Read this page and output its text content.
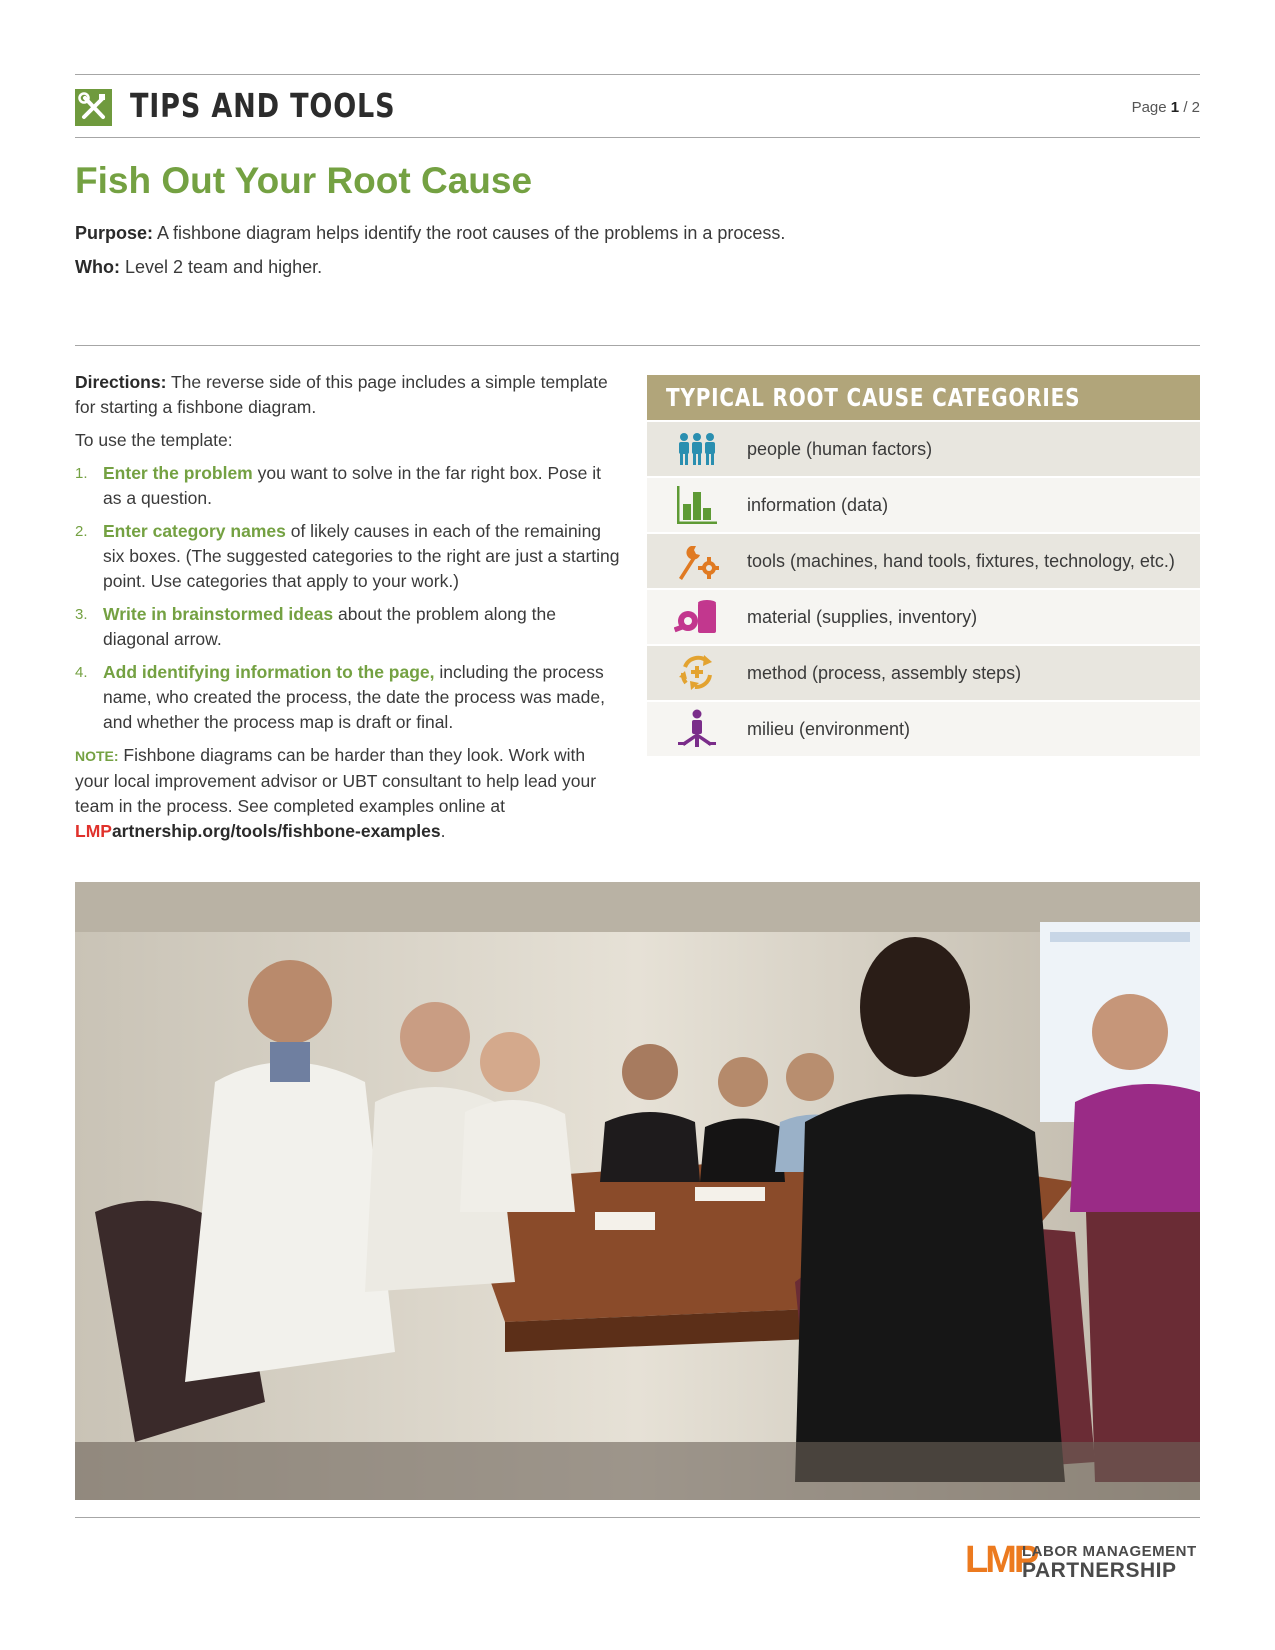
TIPS AND TOOLS	Page 1 / 2
Fish Out Your Root Cause
Purpose: A fishbone diagram helps identify the root causes of the problems in a process.
Who: Level 2 team and higher.

Directions: The reverse side of this page includes a simple template for starting a fishbone diagram.

To use the template:

1. Enter the problem you want to solve in the far right box. Pose it as a question.
2. Enter category names of likely causes in each of the remaining six boxes. (The suggested categories to the right are just a starting point. Use categories that apply to your work.)
3. Write in brainstormed ideas about the problem along the diagonal arrow.
4. Add identifying information to the page, including the process name, who created the process, the date the process was made, and whether the process map is draft or final.

NOTE: Fishbone diagrams can be harder than they look. Work with your local improvement advisor or UBT consultant to help lead your team in the process. See completed examples online at LMPartnership.org/tools/fishbone-examples.

TYPICAL ROOT CAUSE CATEGORIES
people (human factors)
information (data)
tools (machines, hand tools, fixtures, technology, etc.)
material (supplies, inventory)
method (process, assembly steps)
milieu (environment)
LMP
LABOR MANAGEMENT
PARTNERSHIP
